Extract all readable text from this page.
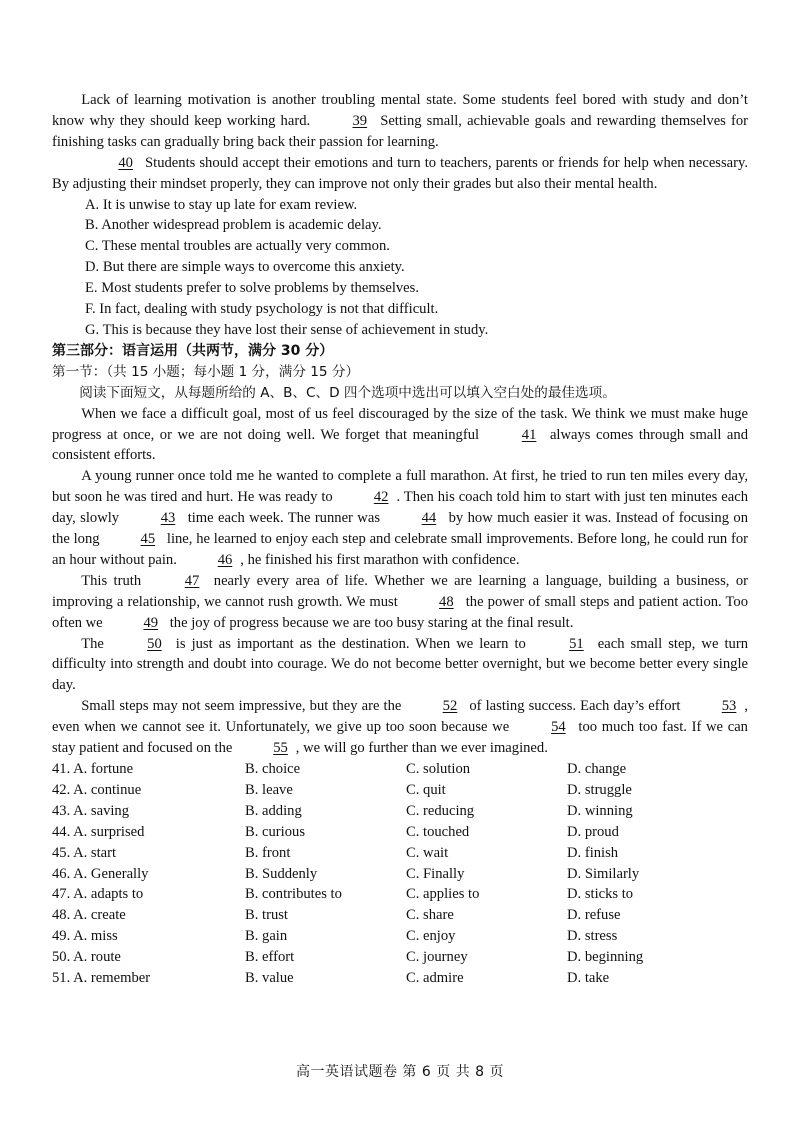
Lack of learning motivation is another troubling mental state. Some students feel bored with study and don’t know why they should keep working hard.	39 Setting small, achievable goals and rewarding themselves for finishing tasks can gradually bring back their passion for learning.

40 Students should accept their emotions and turn to teachers, parents or friends for help when necessary. By adjusting their mindset properly, they can improve not only their grades but also their mental health.

A. It is unwise to stay up late for exam review.

B. Another widespread problem is academic delay.

C. These mental troubles are actually very common.

D. But there are simple ways to overcome this anxiety.

E. Most students prefer to solve problems by themselves.

F. In fact, dealing with study psychology is not that difficult.

G. This is because they have lost their sense of achievement in study.

第三部分：语言运用（共两节，满分 30 分）

第一节：（共 15 小题；每小题 1 分，满分 15 分）

阅读下面短文，从每题所给的 A、B、C、D 四个选项中选出可以填入空白处的最佳选项。

When we face a difficult goal, most of us feel discouraged by the size of the task. We think we must make huge progress at once, or we are not doing well. We forget that meaningful	41 always comes through small and consistent efforts.

A young runner once told me he wanted to complete a full marathon. At first, he tried to run ten miles every day, but soon he was tired and hurt. He was ready to	42 . Then his coach told him to start with just ten minutes each day, slowly	43 time each week. The runner was	44 by how much easier it was. Instead of focusing on the long	45 line, he learned to enjoy each step and celebrate small improvements. Before long, he could run for an hour without pain.	46 , he finished his first marathon with confidence.

This truth	47 nearly every area of life. Whether we are learning a language, building a business, or improving a relationship, we cannot rush growth. We must	48 the power of small steps and patient action. Too often we	49 the joy of progress because we are too busy staring at the final result.

The	50 is just as important as the destination. When we learn to	51 each small step, we turn difficulty into strength and doubt into courage. We do not become better overnight, but we become better every single day.

Small steps may not seem impressive, but they are the	52 of lasting success. Each day’s effort	53 , even when we cannot see it. Unfortunately, we give up too soon because we	54 too much too fast. If we can stay patient and focused on the	55 , we will go further than we ever imagined.

41. A. fortune	B. choice	C. solution	D. change
42. A. continue	B. leave	C. quit	D. struggle
43. A. saving	B. adding	C. reducing	D. winning
44. A. surprised	B. curious	C. touched	D. proud
45. A. start	B. front	C. wait	D. finish
46. A. Generally	B. Suddenly	C. Finally	D. Similarly
47. A. adapts to	B. contributes to	C. applies to	D. sticks to
48. A. create	B. trust	C. share	D. refuse
49. A. miss	B. gain	C. enjoy	D. stress
50. A. route	B. effort	C. journey	D. beginning
51. A. remember	B. value	C. admire	D. take
高一英语试题卷 第 6 页 共 8 页
